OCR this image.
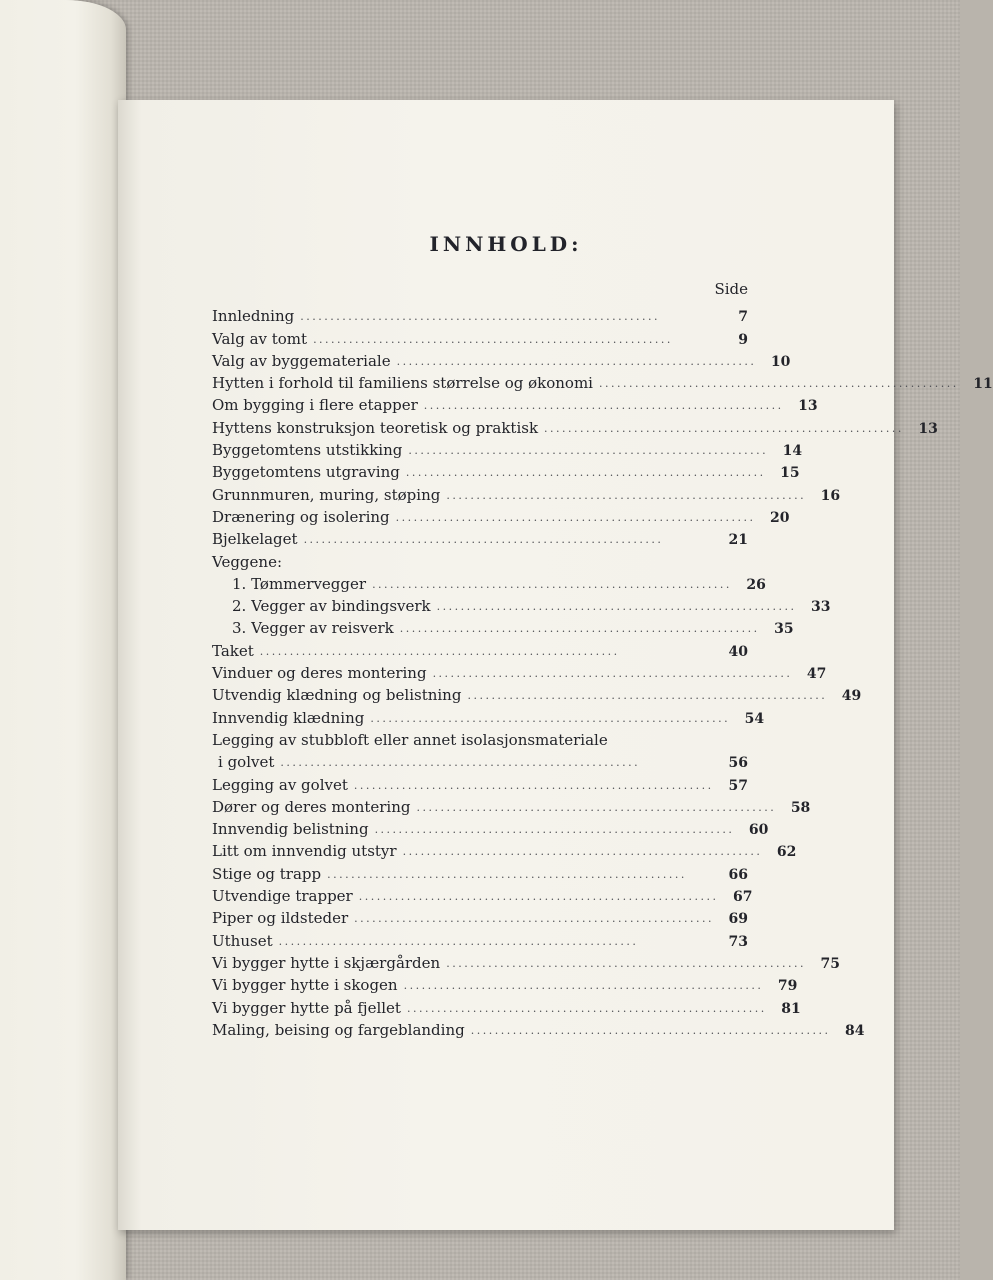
INNHOLD:
Side
Innledning ............................................................	7
Valg av tomt ............................................................	9
Valg av byggemateriale ............................................................	10
Hytten i forhold til familiens størrelse og økonomi ............................................................	11
Om bygging i flere etapper ............................................................	13
Hyttens konstruksjon teoretisk og praktisk ............................................................	13
Byggetomtens utstikking ............................................................	14
Byggetomtens utgraving ............................................................	15
Grunnmuren, muring, støping ............................................................	16
Drænering og isolering ............................................................	20
Bjelkelaget ............................................................	21
Veggene:
1. Tømmervegger ............................................................	26
2. Vegger av bindingsverk ............................................................	33
3. Vegger av reisverk ............................................................	35
Taket ............................................................	40
Vinduer og deres montering ............................................................	47
Utvendig klædning og belistning ............................................................	49
Innvendig klædning ............................................................	54
Legging av stubbloft eller annet isolasjonsmateriale
i golvet ............................................................	56
Legging av golvet ............................................................	57
Dører og deres montering ............................................................	58
Innvendig belistning ............................................................	60
Litt om innvendig utstyr ............................................................	62
Stige og trapp ............................................................	66
Utvendige trapper ............................................................	67
Piper og ildsteder ............................................................	69
Uthuset ............................................................	73
Vi bygger hytte i skjærgården ............................................................	75
Vi bygger hytte i skogen ............................................................	79
Vi bygger hytte på fjellet ............................................................	81
Maling, beising og fargeblanding ............................................................	84
